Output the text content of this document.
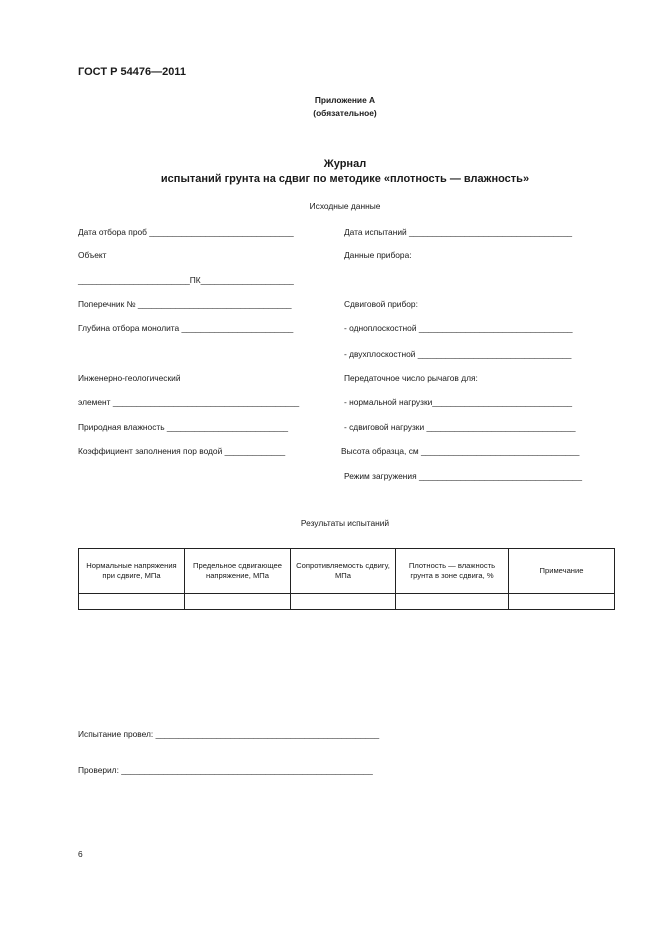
ГОСТ Р 54476—2011
Приложение А
(обязательное)
Журнал
испытаний грунта на сдвиг по методике «плотность — влажность»
Исходные данные
Дата отбора проб _______________________________
Объект
________________________ПК____________________
Поперечник № _________________________________
Глубина отбора монолита ________________________
Инженерно-геологический
элемент ________________________________________
Природная влажность __________________________
Коэффициент заполнения пор водой _____________
Дата испытаний ___________________________________
Данные прибора:
Сдвиговой прибор:
- одноплоскостной _________________________________
- двухплоскостной _________________________________
Передаточное число рычагов для:
- нормальной нагрузки______________________________
- сдвиговой нагрузки ________________________________
Высота образца, см __________________________________
Режим загружения ___________________________________
Результаты испытаний
Нормальные напряжения при сдвиге, МПа	Предельное сдвигающее напряжение, МПа	Сопротивляемость сдвигу, МПа	Плотность — влажность грунта в зоне сдвига, %	Примечание

Испытание провел: ________________________________________________
Проверил: ______________________________________________________
6
